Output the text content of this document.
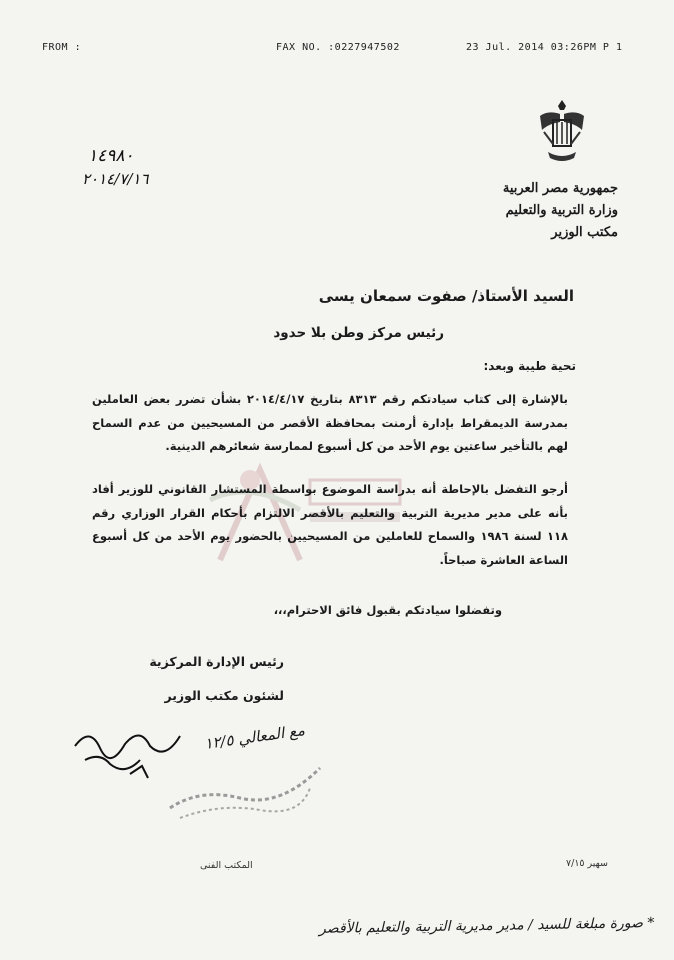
FROM :	FAX NO. :0227947502	23 Jul. 2014 03:26PM P 1
١٤٩٨٠
٢٠١٤/٧/١٦
جمهورية مصر العربية
وزارة التربية والتعليم
مكتب الوزير
السيد الأستاذ/ صفوت سمعان يسى
رئيس مركز وطن بلا حدود
تحية طيبة وبعد:
بالإشارة إلى كتاب سيادتكم رقم ٨٣١٣ بتاريخ ٢٠١٤/٤/١٧ بشأن تضرر بعض العاملين بمدرسة الديمقراط بإدارة أرمنت بمحافظة الأقصر من المسيحيين من عدم السماح لهم بالتأخير ساعتين يوم الأحد من كل أسبوع لممارسة شعائرهم الدينية.
أرجو التفضل بالإحاطة أنه بدراسة الموضوع بواسطة المستشار القانوني للوزير أفاد بأنه على مدير مديرية التربية والتعليم بالأقصر الالتزام بأحكام القرار الوزاري رقم ١١٨ لسنة ١٩٨٦ والسماح للعاملين من المسيحيين بالحضور يوم الأحد من كل أسبوع الساعة العاشرة صباحاً.
وتفضلوا سيادتكم بقبول فائق الاحترام،،،
رئيس الإدارة المركزية
لشئون مكتب الوزير
مع المعالي ١٢/٥
المكتب الفنى	سهير ٧/١٥
* صورة مبلغة للسيد / مدير مديرية التربية والتعليم بالأقصر
